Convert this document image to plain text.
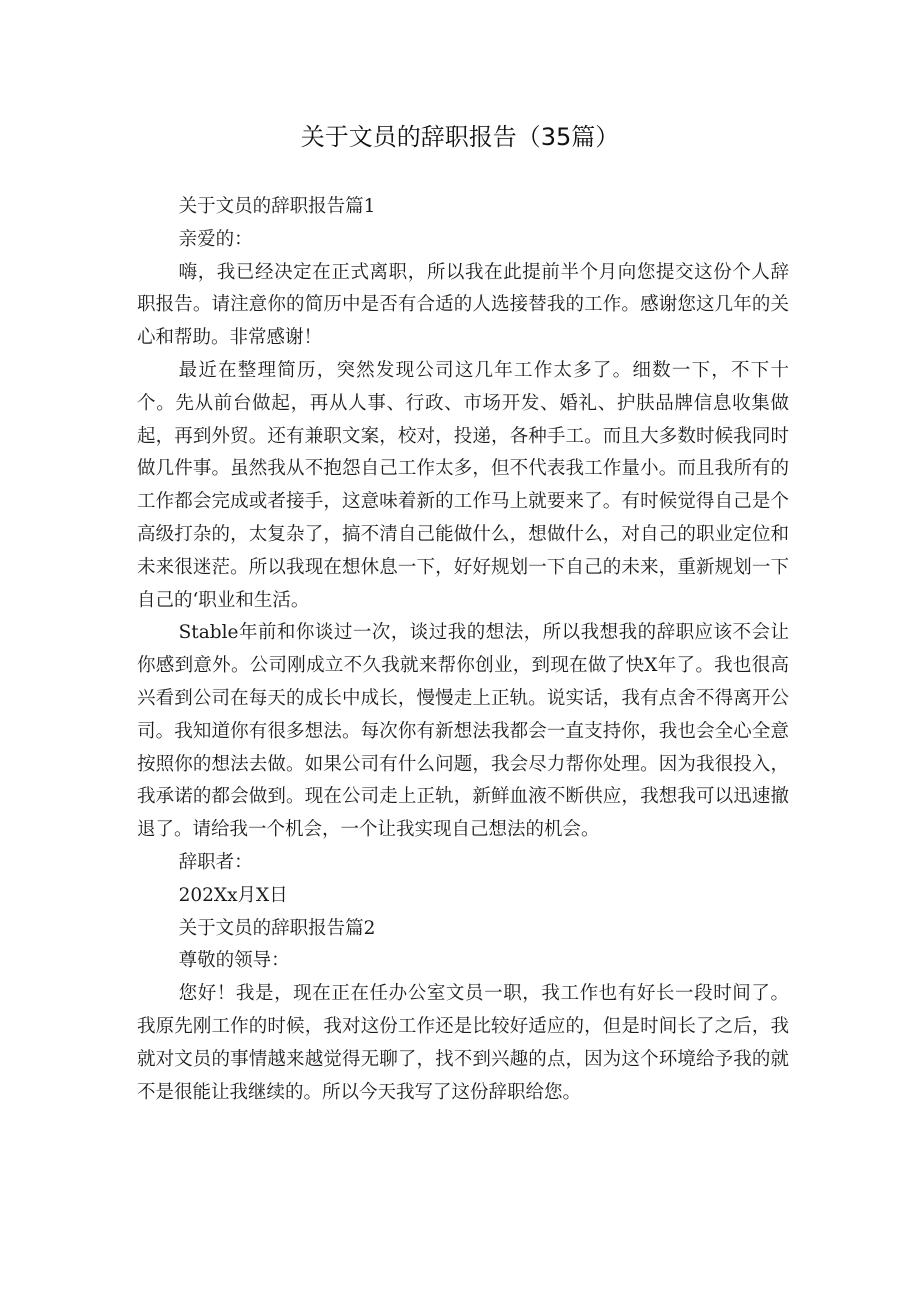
关于文员的辞职报告（35篇）

关于文员的辞职报告篇1

亲爱的：

嗨，我已经决定在正式离职，所以我在此提前半个月向您提交这份个人辞职报告。请注意你的简历中是否有合适的人选接替我的工作。感谢您这几年的关心和帮助。非常感谢！

最近在整理简历，突然发现公司这几年工作太多了。细数一下，不下十个。先从前台做起，再从人事、行政、市场开发、婚礼、护肤品牌信息收集做起，再到外贸。还有兼职文案，校对，投递，各种手工。而且大多数时候我同时做几件事。虽然我从不抱怨自己工作太多，但不代表我工作量小。而且我所有的工作都会完成或者接手，这意味着新的工作马上就要来了。有时候觉得自己是个高级打杂的，太复杂了，搞不清自己能做什么，想做什么，对自己的职业定位和未来很迷茫。所以我现在想休息一下，好好规划一下自己的未来，重新规划一下自己的‘职业和生活。

Stable年前和你谈过一次，谈过我的想法，所以我想我的辞职应该不会让你感到意外。公司刚成立不久我就来帮你创业，到现在做了快X年了。我也很高兴看到公司在每天的成长中成长，慢慢走上正轨。说实话，我有点舍不得离开公司。我知道你有很多想法。每次你有新想法我都会一直支持你，我也会全心全意按照你的想法去做。如果公司有什么问题，我会尽力帮你处理。因为我很投入，我承诺的都会做到。现在公司走上正轨，新鲜血液不断供应，我想我可以迅速撤退了。请给我一个机会，一个让我实现自己想法的机会。

辞职者：

202Xx月X日

关于文员的辞职报告篇2

尊敬的领导：

您好！我是，现在正在任办公室文员一职，我工作也有好长一段时间了。我原先刚工作的时候，我对这份工作还是比较好适应的，但是时间长了之后，我就对文员的事情越来越觉得无聊了，找不到兴趣的点，因为这个环境给予我的就不是很能让我继续的。所以今天我写了这份辞职给您。
